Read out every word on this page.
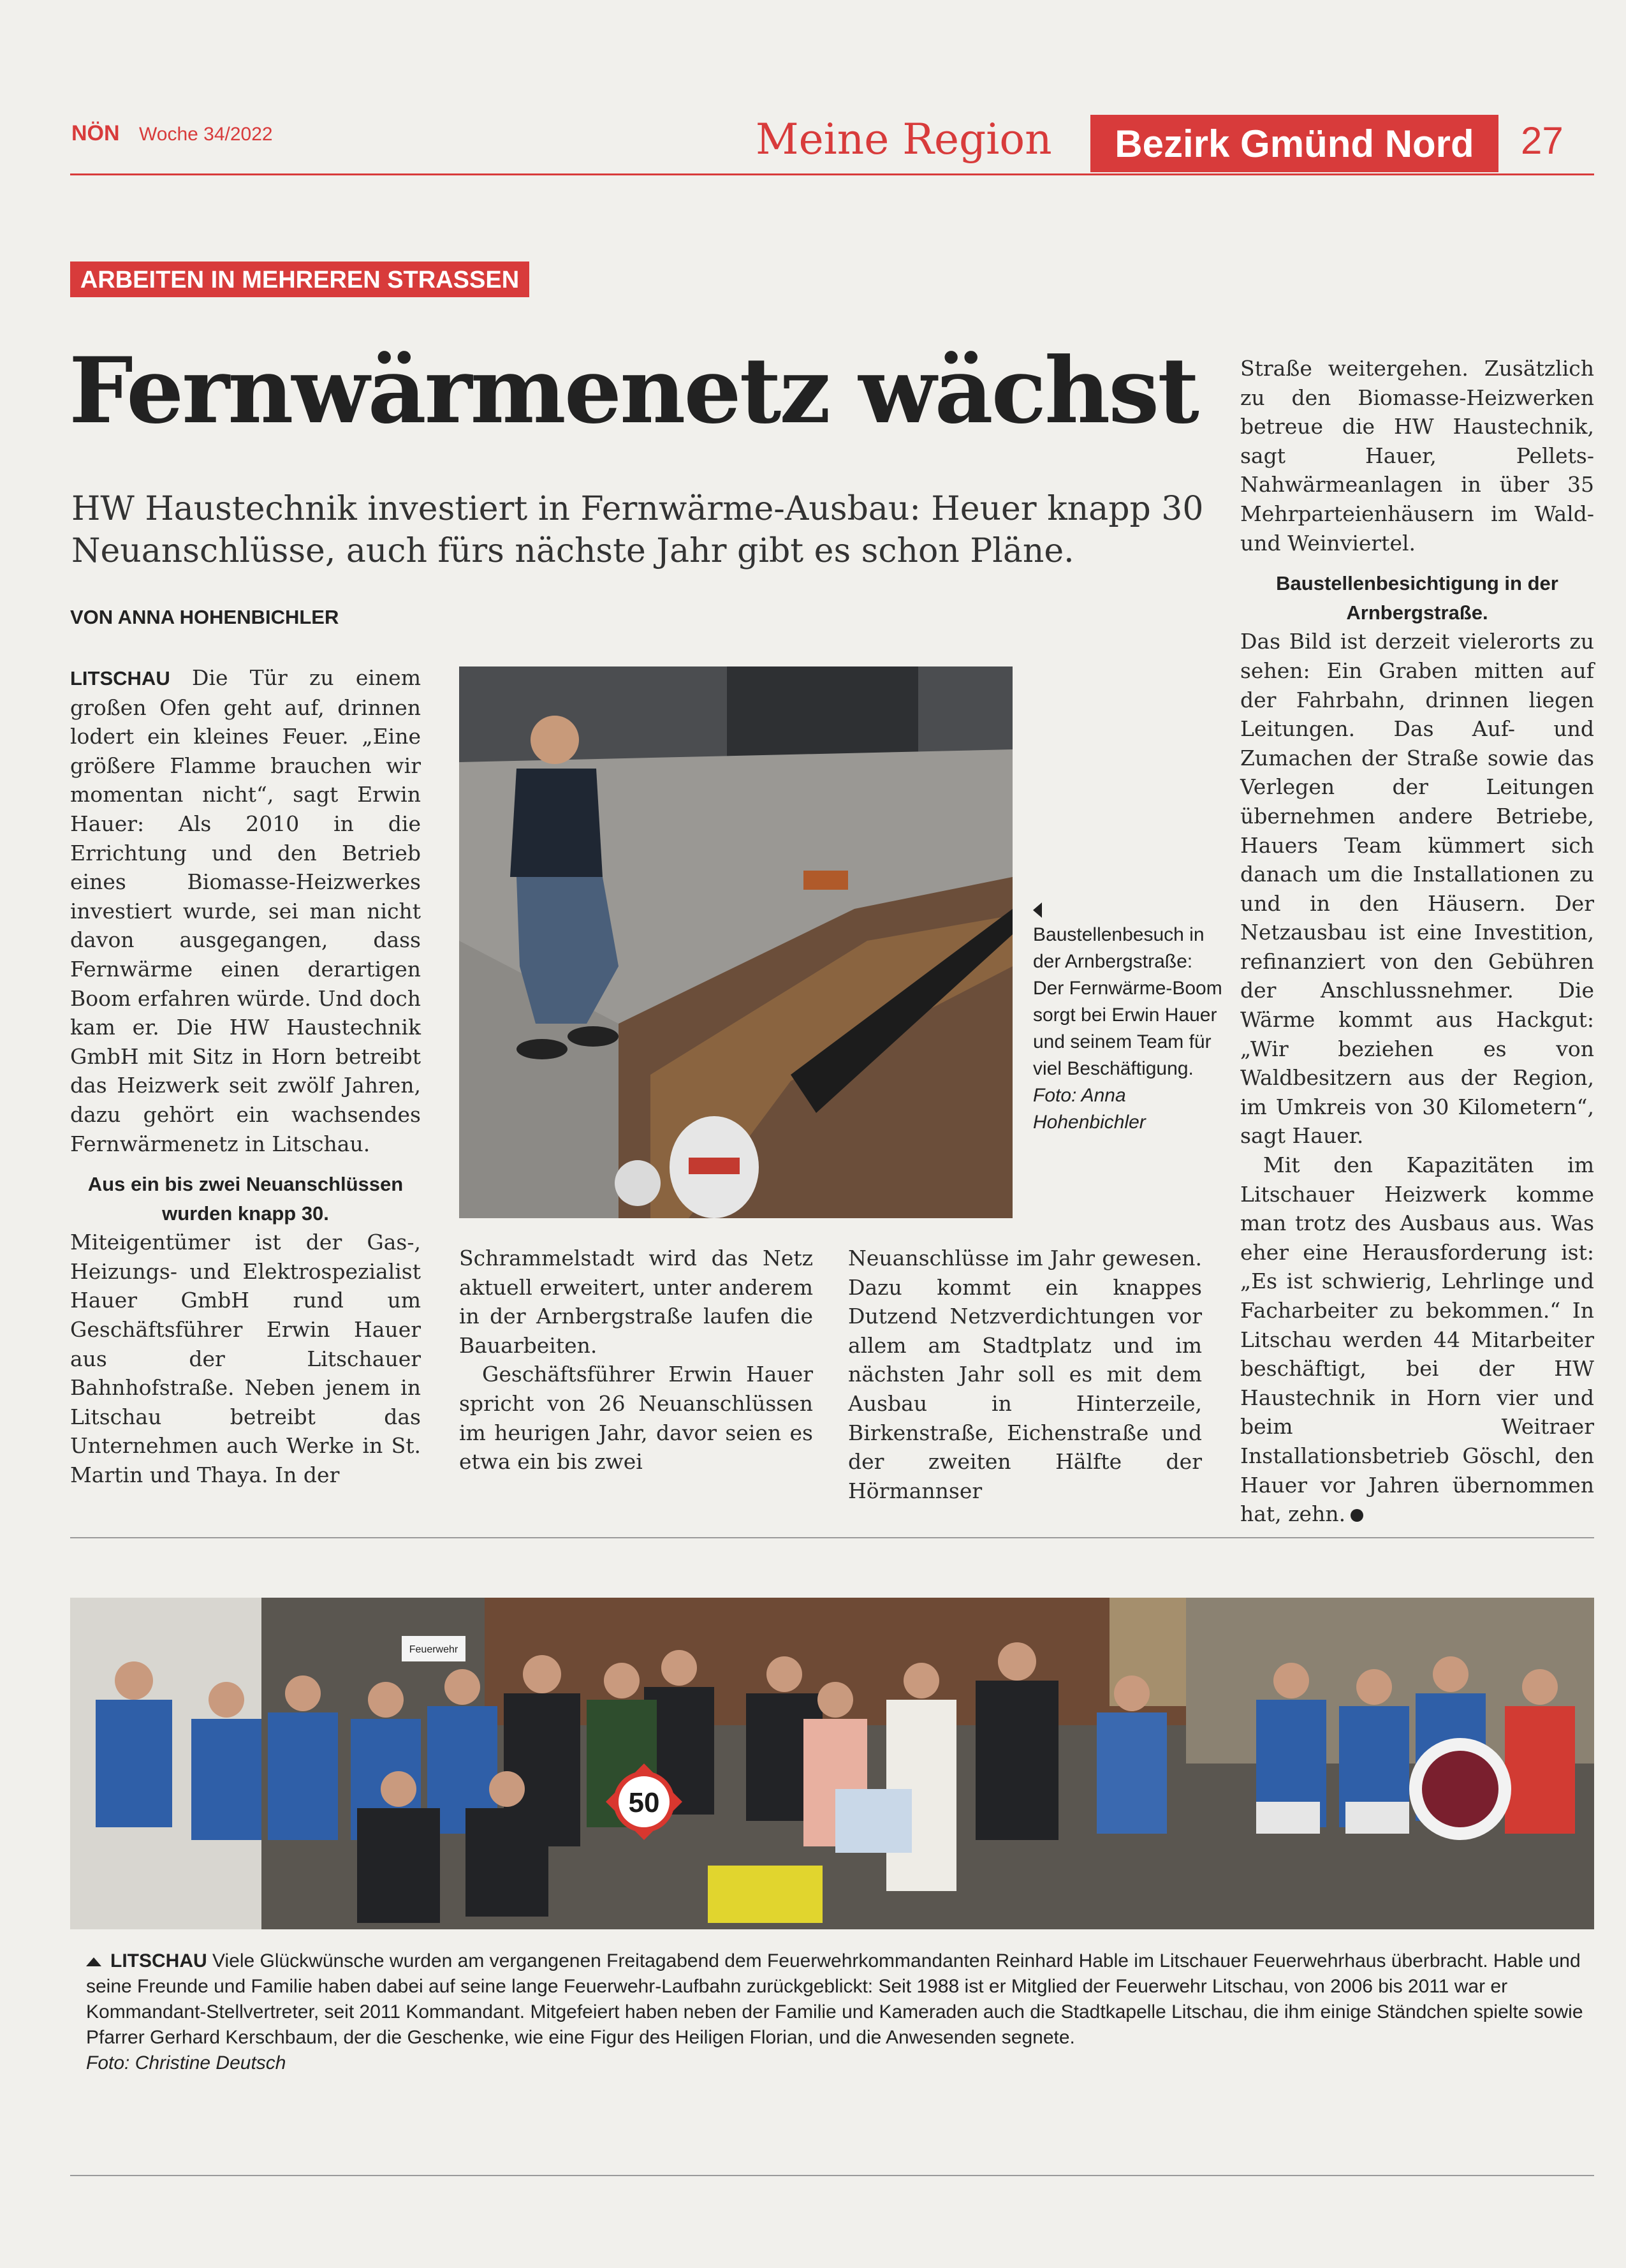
NÖN Woche 34/2022	Meine Region	Bezirk Gmünd Nord	27
ARBEITEN IN MEHREREN STRASSEN
Fernwärmenetz wächst
HW Haustechnik investiert in Fernwärme-Ausbau: Heuer knapp 30 Neuanschlüsse, auch fürs nächste Jahr gibt es schon Pläne.
VON ANNA HOHENBICHLER

LITSCHAU Die Tür zu einem großen Ofen geht auf, drinnen lodert ein kleines Feuer. „Eine größere Flamme brauchen wir momentan nicht“, sagt Erwin Hauer: Als 2010 in die Errichtung und den Betrieb eines Biomasse-Heizwerkes investiert wurde, sei man nicht davon ausgegangen, dass Fernwärme einen derartigen Boom erfahren würde. Und doch kam er. Die HW Haustechnik GmbH mit Sitz in Horn betreibt das Heizwerk seit zwölf Jahren, dazu gehört ein wachsendes Fernwärmenetz in Litschau.

Aus ein bis zwei Neuanschlüssen wurden knapp 30.

Miteigentümer ist der Gas-, Heizungs- und Elektrospezialist Hauer GmbH rund um Geschäftsführer Erwin Hauer aus der Litschauer Bahnhofstraße. Neben jenem in Litschau betreibt das Unternehmen auch Werke in St. Martin und Thaya. In der

Baustellenbesuch in der Arnbergstraße: Der Fernwärme-Boom sorgt bei Erwin Hauer und seinem Team für viel Beschäftigung. Foto: Anna Hohenbichler

Schrammelstadt wird das Netz aktuell erweitert, unter anderem in der Arnbergstraße laufen die Bauarbeiten.

Geschäftsführer Erwin Hauer spricht von 26 Neuanschlüssen im heurigen Jahr, davor seien es etwa ein bis zwei

Neuanschlüsse im Jahr gewesen. Dazu kommt ein knappes Dutzend Netzverdichtungen vor allem am Stadtplatz und im nächsten Jahr soll es mit dem Ausbau in Hinterzeile, Birkenstraße, Eichenstraße und der zweiten Hälfte der Hörmannser

Straße weitergehen. Zusätzlich zu den Biomasse-Heizwerken betreue die HW Haustechnik, sagt Hauer, Pellets-Nahwärmeanlagen in über 35 Mehrparteienhäusern im Wald- und Weinviertel.

Baustellenbesichtigung in der Arnbergstraße.

Das Bild ist derzeit vielerorts zu sehen: Ein Graben mitten auf der Fahrbahn, drinnen liegen Leitungen. Das Auf- und Zumachen der Straße sowie das Verlegen der Leitungen übernehmen andere Betriebe, Hauers Team kümmert sich danach um die Installationen zu und in den Häusern. Der Netzausbau ist eine Investition, refinanziert von den Gebühren der Anschlussnehmer. Die Wärme kommt aus Hackgut: „Wir beziehen es von Waldbesitzern aus der Region, im Umkreis von 30 Kilometern“, sagt Hauer.

Mit den Kapazitäten im Litschauer Heizwerk komme man trotz des Ausbaus aus. Was eher eine Herausforderung ist: „Es ist schwierig, Lehrlinge und Facharbeiter zu bekommen.“ In Litschau werden 44 Mitarbeiter beschäftigt, bei der HW Haustechnik in Horn vier und beim Weitraer Installationsbetrieb Göschl, den Hauer vor Jahren übernommen hat, zehn.

50
Feuerwehr
LITSCHAU Viele Glückwünsche wurden am vergangenen Freitagabend dem Feuerwehrkommandanten Reinhard Hable im Litschauer Feuerwehrhaus überbracht. Hable und seine Freunde und Familie haben dabei auf seine lange Feuerwehr-Laufbahn zurückgeblickt: Seit 1988 ist er Mitglied der Feuerwehr Litschau, von 2006 bis 2011 war er Kommandant-Stellvertreter, seit 2011 Kommandant. Mitgefeiert haben neben der Familie und Kameraden auch die Stadtkapelle Litschau, die ihm einige Ständchen spielte sowie Pfarrer Gerhard Kerschbaum, der die Geschenke, wie eine Figur des Heiligen Florian, und die Anwesenden segnete.
Foto: Christine Deutsch
